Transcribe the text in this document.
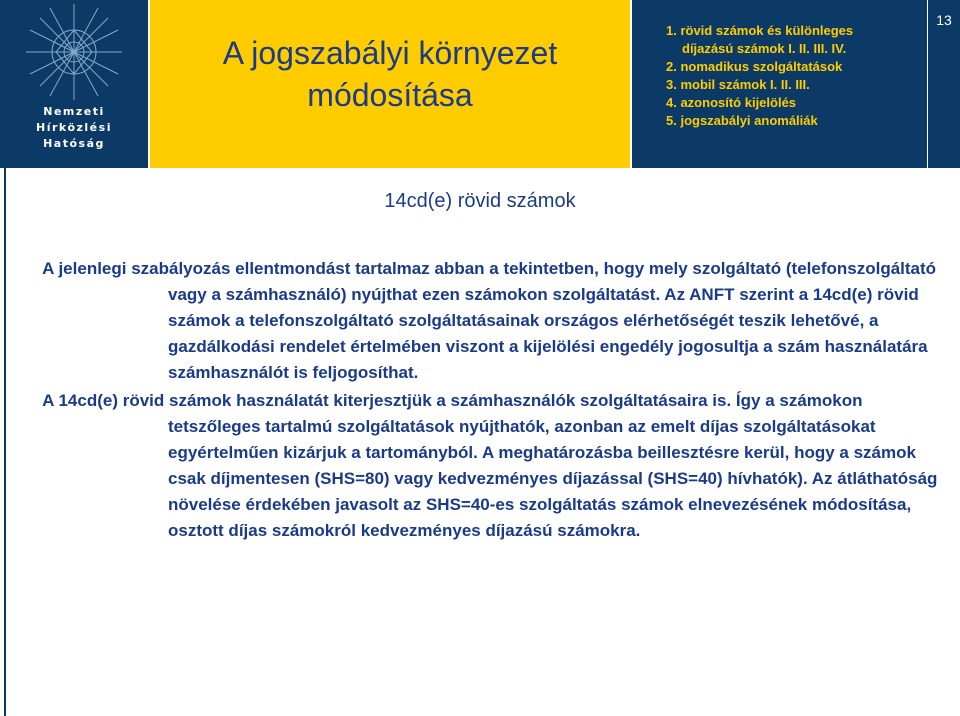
Nemzeti
Hírközlési
Hatóság
A jogszabályi környezet módosítása
1. rövid számok és különleges
díjazású számok I. II. III. IV.
2. nomadikus szolgáltatások
3. mobil számok I. II. III.
4. azonosító kijelölés
5. jogszabályi anomáliák
13
14cd(e) rövid számok

A jelenlegi szabályozás ellentmondást tartalmaz abban a tekintetben, hogy mely szolgáltató (telefonszolgáltató vagy a számhasználó) nyújthat ezen számokon szolgáltatást. Az ANFT szerint a 14cd(e) rövid számok a telefonszolgáltató szolgáltatásainak országos elérhetőségét teszik lehetővé, a gazdálkodási rendelet értelmében viszont a kijelölési engedély jogosultja a szám használatára számhasználót is feljogosíthat.

A 14cd(e) rövid számok használatát kiterjesztjük a számhasználók szolgáltatásaira is. Így a számokon tetszőleges tartalmú szolgáltatások nyújthatók, azonban az emelt díjas szolgáltatásokat egyértelműen kizárjuk a tartományból. A meghatározásba beillesztésre kerül, hogy a számok csak díjmentesen (SHS=80) vagy kedvezményes díjazással (SHS=40) hívhatók). Az átláthatóság növelése érdekében javasolt az SHS=40-es szolgáltatás számok elnevezésének módosítása, osztott díjas számokról kedvezményes díjazású számokra.
